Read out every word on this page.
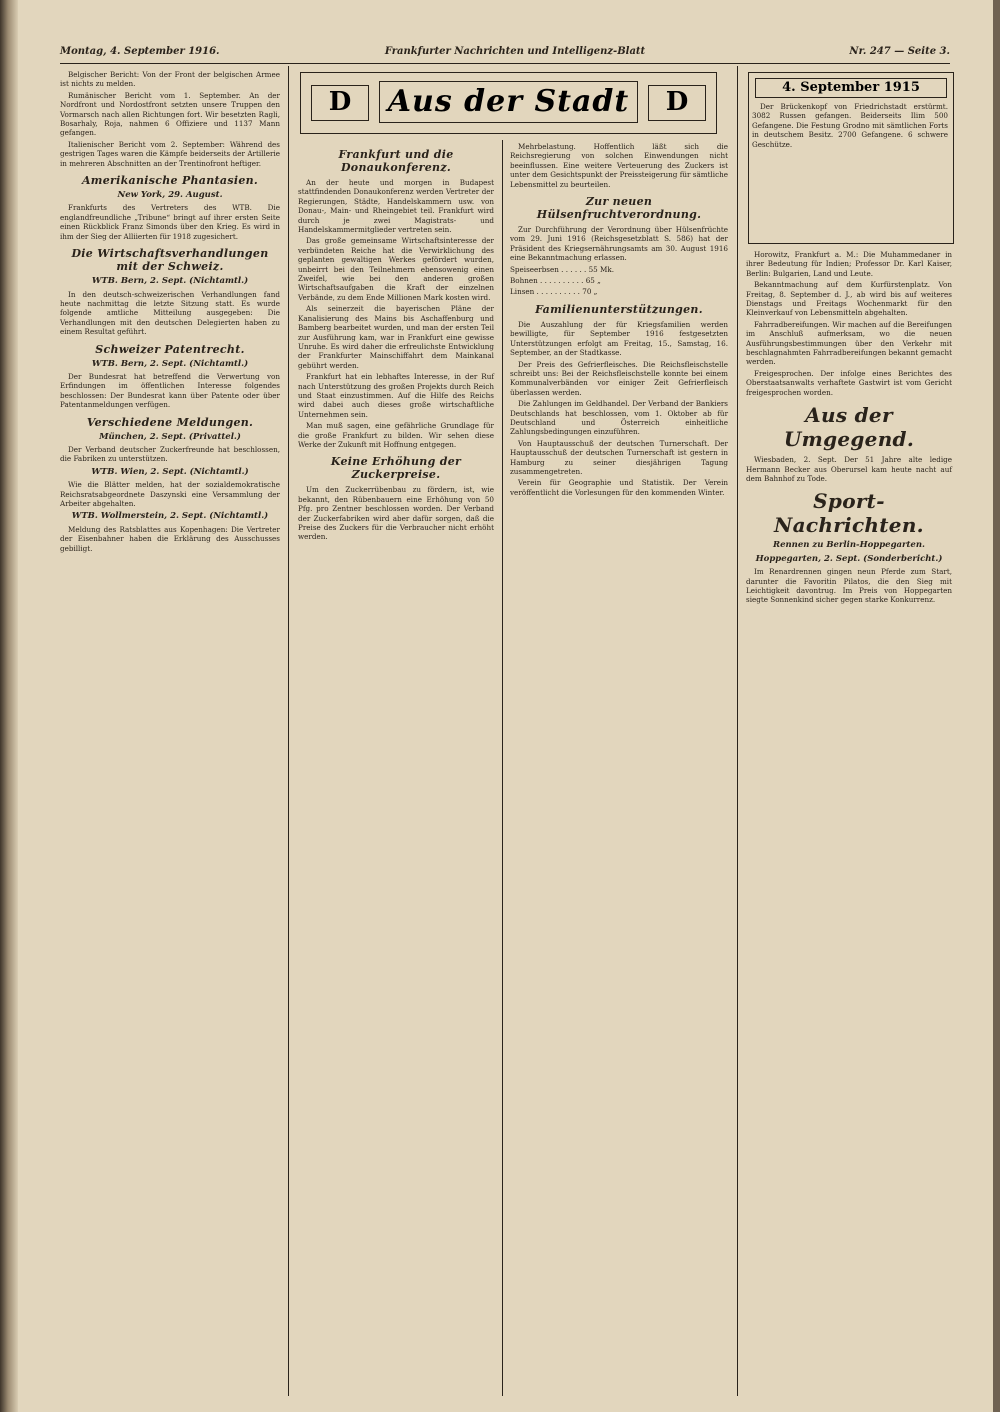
Montag, 4. September 1916.	Frankfurter Nachrichten und Intelligenz-Blatt	Nr. 247 — Seite 3.
D	Aus der Stadt	D	4. September 1915

Belgischer Bericht: Von der Front der belgischen Armee ist nichts zu melden.

Rumänischer Bericht vom 1. September. An der Nordfront und Nordostfront setzten unsere Truppen den Vormarsch nach allen Richtungen fort. Wir besetzten Ragli, Bosarhaly, Roja, nahmen 6 Offiziere und 1137 Mann gefangen.

Italienischer Bericht vom 2. September: Während des gestrigen Tages waren die Kämpfe beiderseits der Artillerie in mehreren Abschnitten an der Trentinofront heftiger.

Amerikanische Phantasien.
New York, 29. August.

Frankfurts des Vertreters des WTB. Die englandfreundliche „Tribune“ bringt auf ihrer ersten Seite einen Rückblick Franz Simonds über den Krieg. Es wird in ihm der Sieg der Alliierten für 1918 zugesichert.

Die Wirtschaftsverhandlungen mit der Schweiz.
WTB. Bern, 2. Sept. (Nichtamtl.)

In den deutsch-schweizerischen Verhandlungen fand heute nachmittag die letzte Sitzung statt. Es wurde folgende amtliche Mitteilung ausgegeben: Die Verhandlungen mit den deutschen Delegierten haben zu einem Resultat geführt.

Schweizer Patentrecht.
WTB. Bern, 2. Sept. (Nichtamtl.)

Der Bundesrat hat betreffend die Verwertung von Erfindungen im öffentlichen Interesse folgendes beschlossen: Der Bundesrat kann über Patente oder über Patentanmeldungen verfügen.

Verschiedene Meldungen.
München, 2. Sept. (Privattel.)

Der Verband deutscher Zuckerfreunde hat beschlossen, die Fabriken zu unterstützen.

WTB. Wien, 2. Sept. (Nichtamtl.)

Wie die Blätter melden, hat der sozialdemokratische Reichsratsabgeordnete Daszynski eine Versammlung der Arbeiter abgehalten.

WTB. Wollmerstein, 2. Sept. (Nichtamtl.)

Meldung des Ratsblattes aus Kopenhagen: Die Vertreter der Eisenbahner haben die Erklärung des Ausschusses gebilligt.

Frankfurt und die Donaukonferenz.

An der heute und morgen in Budapest stattfindenden Donaukonferenz werden Vertreter der Regierungen, Städte, Handelskammern usw. von Donau-, Main- und Rheingebiet teil. Frankfurt wird durch je zwei Magistrats- und Handelskammermitglieder vertreten sein.

Das große gemeinsame Wirtschaftsinteresse der verbündeten Reiche hat die Verwirklichung des geplanten gewaltigen Werkes gefördert wurden, unbeirrt bei den Teilnehmern ebensowenig einen Zweifel, wie bei den anderen großen Wirtschaftsaufgaben die Kraft der einzelnen Verbände, zu dem Ende Millionen Mark kosten wird.

Als seinerzeit die bayerischen Pläne der Kanalisierung des Mains bis Aschaffenburg und Bamberg bearbeitet wurden, und man der ersten Teil zur Ausführung kam, war in Frankfurt eine gewisse Unruhe. Es wird daher die erfreulichste Entwicklung der Frankfurter Mainschiffahrt dem Mainkanal gebührt werden.

Frankfurt hat ein lebhaftes Interesse, in der Ruf nach Unterstützung des großen Projekts durch Reich und Staat einzustimmen. Auf die Hilfe des Reichs wird dabei auch dieses große wirtschaftliche Unternehmen sein.

Man muß sagen, eine gefährliche Grundlage für die große Frankfurt zu bilden. Wir sehen diese Werke der Zukunft mit Hoffnung entgegen.

Keine Erhöhung der Zuckerpreise.

Um den Zuckerrübenbau zu fördern, ist, wie bekannt, den Rübenbauern eine Erhöhung von 50 Pfg. pro Zentner beschlossen worden. Der Verband der Zuckerfabriken wird aber dafür sorgen, daß die Preise des Zuckers für die Verbraucher nicht erhöht werden.

Mehrbelastung. Hoffentlich läßt sich die Reichsregierung von solchen Einwendungen nicht beeinflussen. Eine weitere Verteuerung des Zuckers ist unter dem Gesichtspunkt der Preissteigerung für sämtliche Lebensmittel zu beurteilen.

Zur neuen Hülsenfruchtverordnung.

Zur Durchführung der Verordnung über Hülsenfrüchte vom 29. Juni 1916 (Reichsgesetzblatt S. 586) hat der Präsident des Kriegsernährungsamts am 30. August 1916 eine Bekanntmachung erlassen.

Speiseerbsen . . . . . . 55 Mk.

Bohnen . . . . . . . . . . 65 „

Linsen . . . . . . . . . . 70 „

Familienunterstützungen.

Die Auszahlung der für Kriegsfamilien werden bewilligte, für September 1916 festgesetzten Unterstützungen erfolgt am Freitag, 15., Samstag, 16. September, an der Stadtkasse.

Der Preis des Gefrierfleisches. Die Reichsfleischstelle schreibt uns: Bei der Reichsfleischstelle konnte bei einem Kommunalverbänden vor einiger Zeit Gefrierfleisch überlassen werden.

Die Zahlungen im Geldhandel. Der Verband der Bankiers Deutschlands hat beschlossen, vom 1. Oktober ab für Deutschland und Österreich einheitliche Zahlungsbedingungen einzuführen.

Von Hauptausschuß der deutschen Turnerschaft. Der Hauptausschuß der deutschen Turnerschaft ist gestern in Hamburg zu seiner diesjährigen Tagung zusammengetreten.

Verein für Geographie und Statistik. Der Verein veröffentlicht die Vorlesungen für den kommenden Winter.

Der Brückenkopf von Friedrichstadt erstürmt. 3082 Russen gefangen. Beiderseits Ilim 500 Gefangene. Die Festung Grodno mit sämtlichen Forts in deutschem Besitz. 2700 Gefangene. 6 schwere Geschütze.

Horowitz, Frankfurt a. M.: Die Muhammedaner in ihrer Bedeutung für Indien; Professor Dr. Karl Kaiser, Berlin: Bulgarien, Land und Leute.

Bekanntmachung auf dem Kurfürstenplatz. Von Freitag, 8. September d. J., ab wird bis auf weiteres Dienstags und Freitags Wochenmarkt für den Kleinverkauf von Lebensmitteln abgehalten.

Fahrradbereifungen. Wir machen auf die Bereifungen im Anschluß aufmerksam, wo die neuen Ausführungsbestimmungen über den Verkehr mit beschlagnahmten Fahrradbereifungen bekannt gemacht werden.

Freigesprochen. Der infolge eines Berichtes des Oberstaatsanwalts verhaftete Gastwirt ist vom Gericht freigesprochen worden.

Aus der Umgegend.

Wiesbaden, 2. Sept. Der 51 Jahre alte ledige Hermann Becker aus Oberursel kam heute nacht auf dem Bahnhof zu Tode.

Sport-Nachrichten.
Rennen zu Berlin-Hoppegarten.
Hoppegarten, 2. Sept. (Sonderbericht.)

Im Renardrennen gingen neun Pferde zum Start, darunter die Favoritin Pilatos, die den Sieg mit Leichtigkeit davontrug. Im Preis von Hoppegarten siegte Sonnenkind sicher gegen starke Konkurrenz.
